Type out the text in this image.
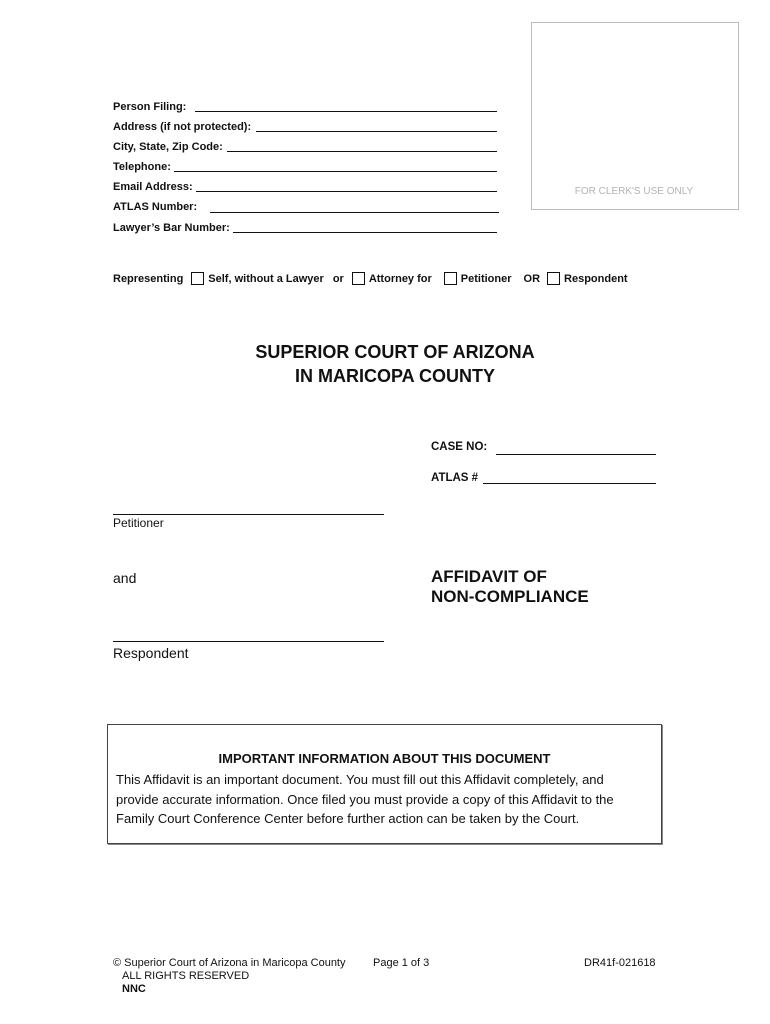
FOR CLERK'S USE ONLY
Person Filing:
Address (if not protected):
City, State, Zip Code:
Telephone:
Email Address:
ATLAS Number:
Lawyer’s Bar Number:
Representing Self, without a Lawyer or Attorney for	Petitioner OR Respondent
SUPERIOR COURT OF ARIZONA
IN MARICOPA COUNTY
CASE NO:
ATLAS #
Petitioner
and
Respondent
AFFIDAVIT OF
NON-COMPLIANCE
IMPORTANT INFORMATION ABOUT THIS DOCUMENT
This Affidavit is an important document. You must fill out this Affidavit completely, and
provide accurate information. Once filed you must provide a copy of this Affidavit to the
Family Court Conference Center before further action can be taken by the Court.
© Superior Court of Arizona in Maricopa County
ALL RIGHTS RESERVED
NNC
Page 1 of 3	DR41f-021618
